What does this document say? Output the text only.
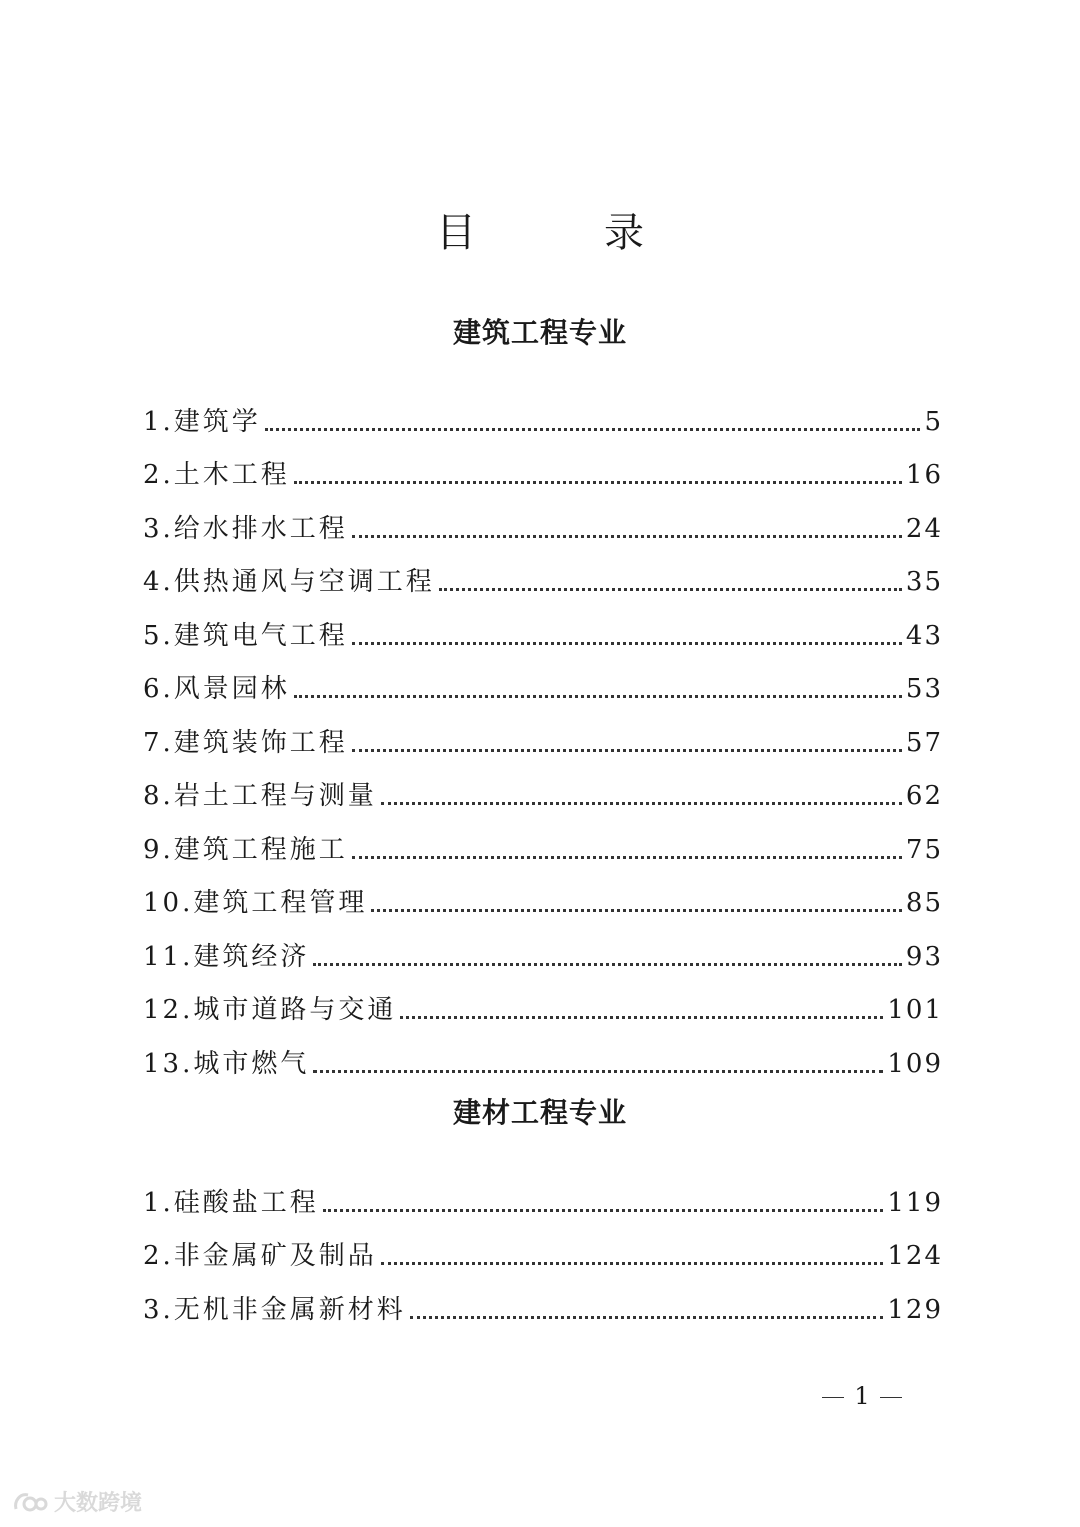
目　录
建筑工程专业
1.建筑学	5
2.土木工程	16
3.给水排水工程	24
4.供热通风与空调工程	35
5.建筑电气工程	43
6.风景园林	53
7.建筑装饰工程	57
8.岩土工程与测量	62
9.建筑工程施工	75
10.建筑工程管理	85
11.建筑经济	93
12.城市道路与交通	101
13.城市燃气	109
建材工程专业
1.硅酸盐工程	119
2.非金属矿及制品	124
3.无机非金属新材料	129
1
大数跨境
